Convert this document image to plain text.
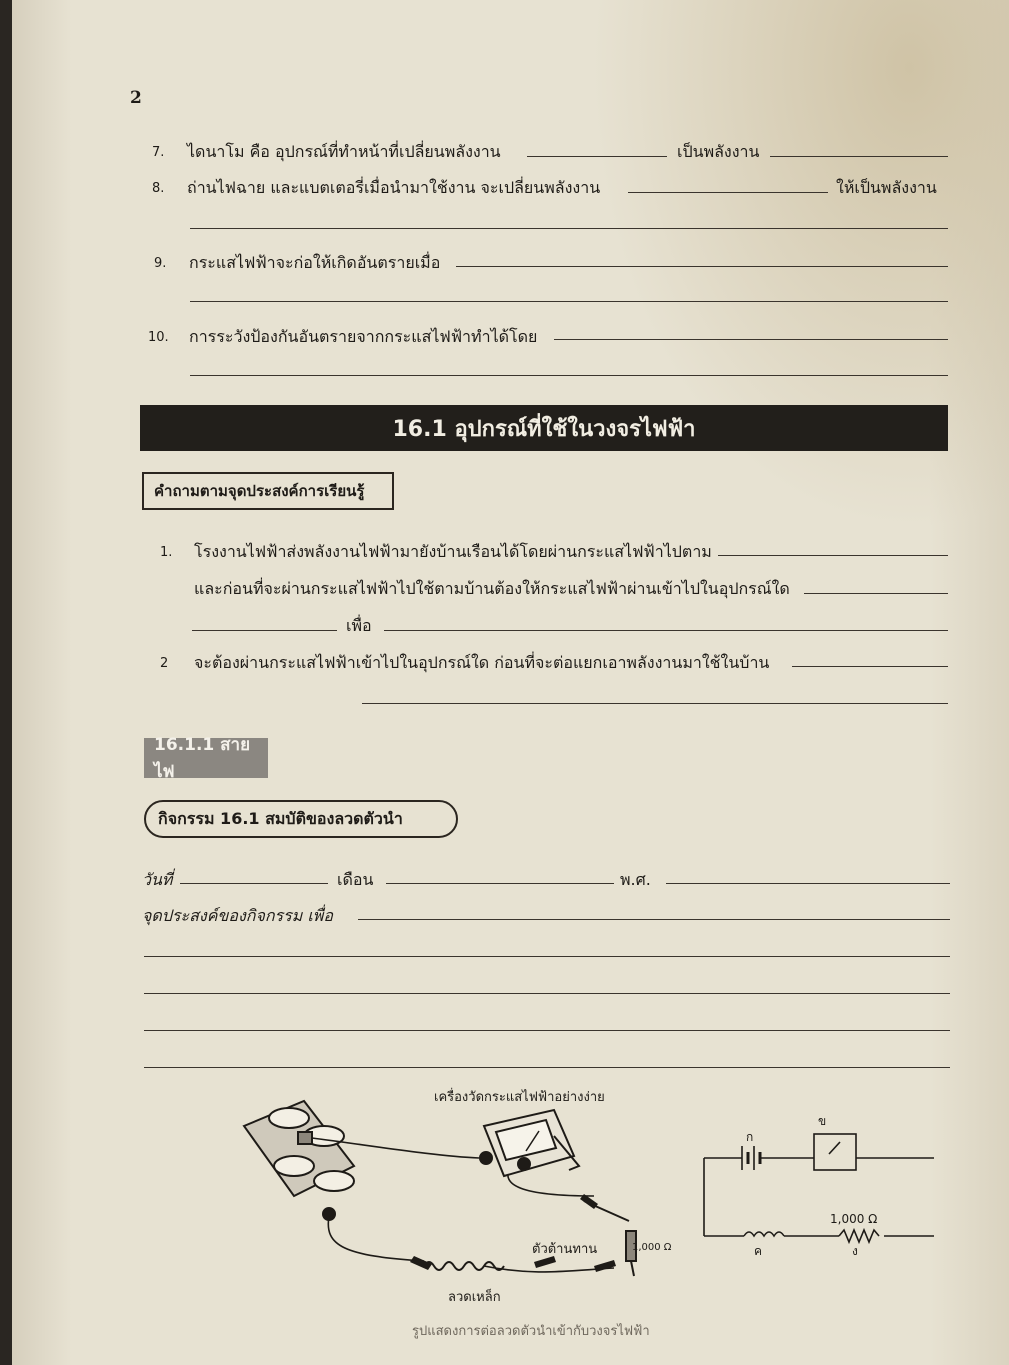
2
7. ไดนาโม คือ อุปกรณ์ที่ทำหน้าที่เปลี่ยนพลังงาน	เป็นพลังงาน
8. ถ่านไฟฉาย และแบตเตอรี่เมื่อนำมาใช้งาน จะเปลี่ยนพลังงาน	ให้เป็นพลังงาน
9. กระแสไฟฟ้าจะก่อให้เกิดอันตรายเมื่อ
10. การระวังป้องกันอันตรายจากกระแสไฟฟ้าทำได้โดย
16.1 อุปกรณ์ที่ใช้ในวงจรไฟฟ้า
คำถามตามจุดประสงค์การเรียนรู้
1. โรงงานไฟฟ้าส่งพลังงานไฟฟ้ามายังบ้านเรือนได้โดยผ่านกระแสไฟฟ้าไปตาม
และก่อนที่จะผ่านกระแสไฟฟ้าไปใช้ตามบ้านต้องให้กระแสไฟฟ้าผ่านเข้าไปในอุปกรณ์ใด
เพื่อ
2 จะต้องผ่านกระแสไฟฟ้าเข้าไปในอุปกรณ์ใด ก่อนที่จะต่อแยกเอาพลังงานมาใช้ในบ้าน
16.1.1 สายไฟ
กิจกรรม 16.1 สมบัติของลวดตัวนำ
วันที่	เดือน	พ.ศ.
จุดประสงค์ของกิจกรรม เพื่อ
เครื่องวัดกระแสไฟฟ้าอย่างง่าย
ก
ข
ค	ง
1,000 Ω
ตัวต้านทาน	1,000 Ω
ลวดเหล็ก
รูปแสดงการต่อลวดตัวนำเข้ากับวงจรไฟฟ้า
